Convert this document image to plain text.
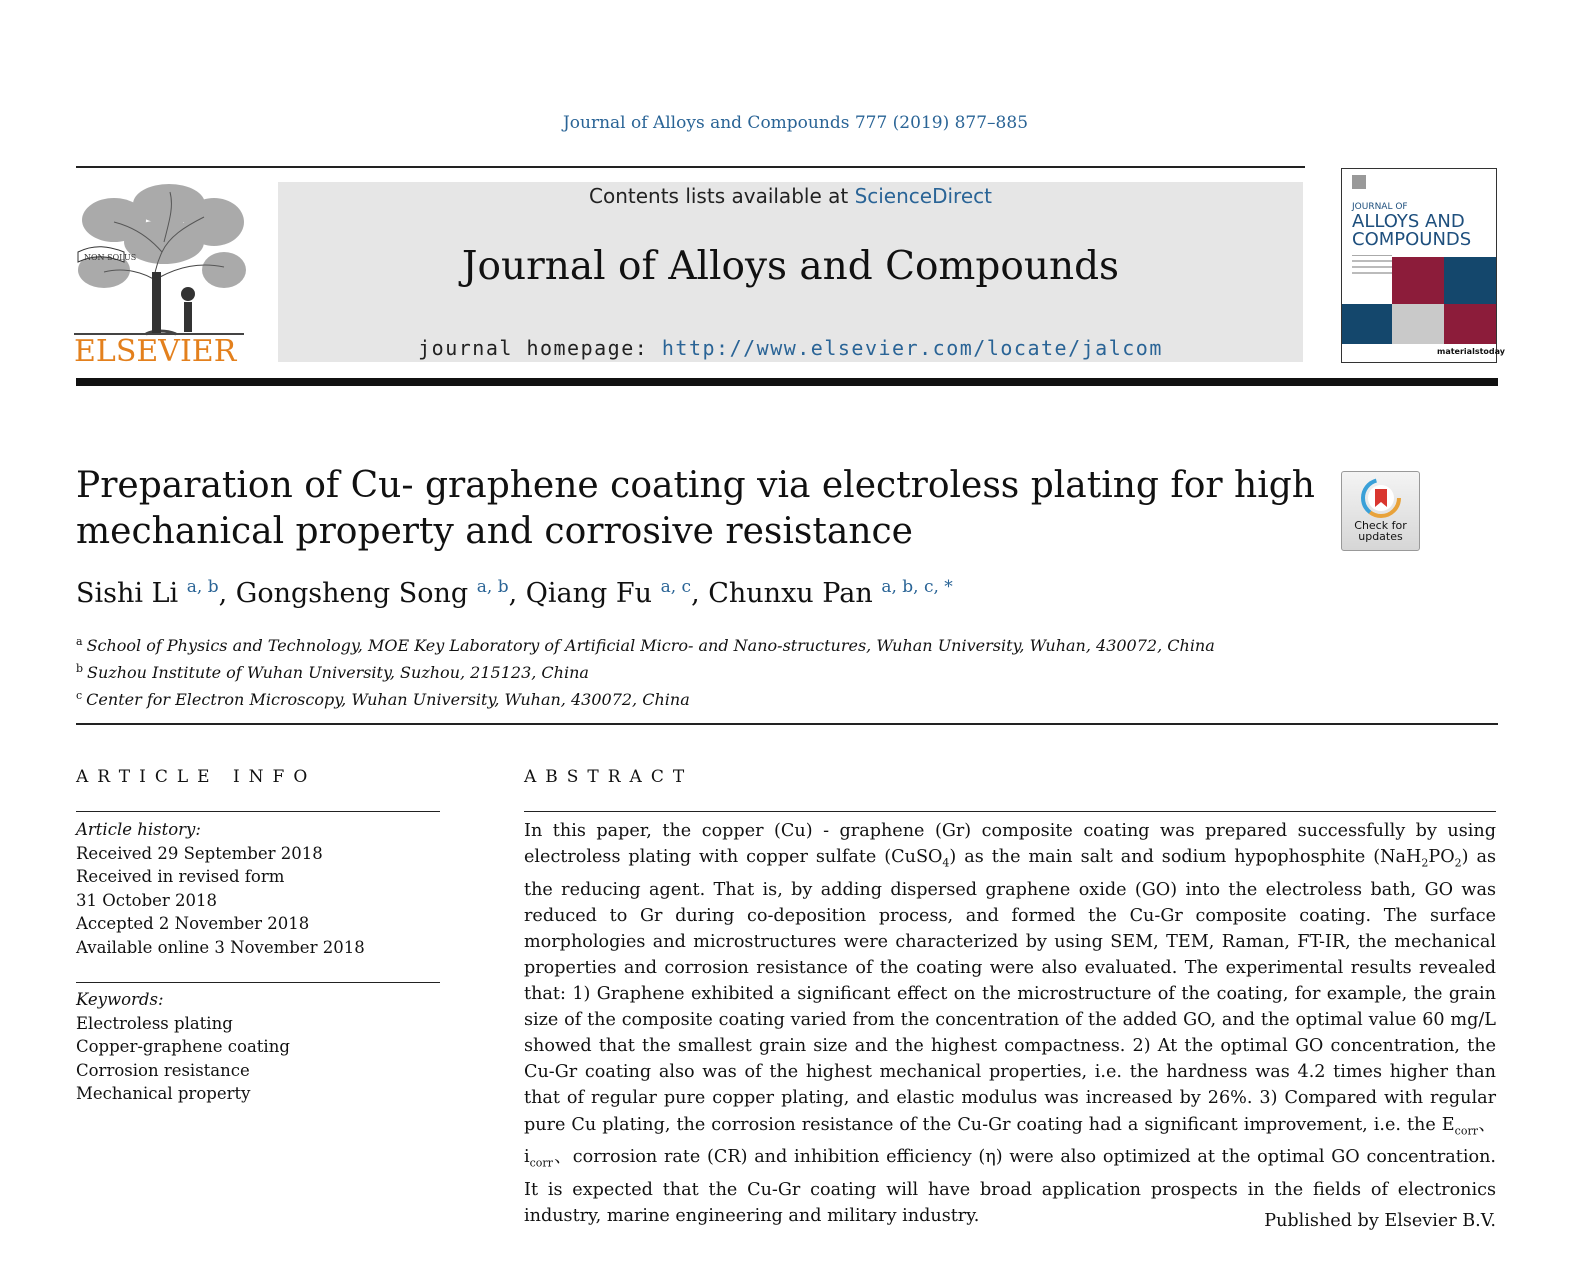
Journal of Alloys and Compounds 777 (2019) 877–885
NON SOLUS
ELSEVIER
Contents lists available at ScienceDirect
Journal of Alloys and Compounds
journal homepage: http://www.elsevier.com/locate/jalcom
JOURNAL OF
ALLOYS AND
COMPOUNDS
materialstoday
Preparation of Cu- graphene coating via electroless plating for high
mechanical property and corrosive resistance	Check for
updates
Sishi Li $^{a, b}$, Gongsheng Song $^{a, b}$, Qiang Fu $^{a, c}$, Chunxu Pan $^{a, b, c, *}$
$^a$ School of Physics and Technology, MOE Key Laboratory of Artificial Micro- and Nano-structures, Wuhan University, Wuhan, 430072, China
$^b$ Suzhou Institute of Wuhan University, Suzhou, 215123, China
$^c$ Center for Electron Microscopy, Wuhan University, Wuhan, 430072, China
ARTICLE INFO
Article history:
Received 29 September 2018
Received in revised form
31 October 2018
Accepted 2 November 2018
Available online 3 November 2018
Keywords:
Electroless plating
Copper-graphene coating
Corrosion resistance
Mechanical property
ABSTRACT
In this paper, the copper (Cu) - graphene (Gr) composite coating was prepared successfully by using electroless plating with copper sulfate (CuSO$_4$) as the main salt and sodium hypophosphite $(NaH_2PO_2)$ as the reducing agent. That is, by adding dispersed graphene oxide (GO) into the electroless bath, GO was reduced to Gr during co-deposition process, and formed the Cu-Gr composite coating. The surface morphologies and microstructures were characterized by using SEM, TEM, Raman, FT-IR, the mechanical properties and corrosion resistance of the coating were also evaluated. The experimental results revealed that: 1) Graphene exhibited a significant effect on the microstructure of the coating, for example, the grain size of the composite coating varied from the concentration of the added GO, and the optimal value 60 mg/L showed that the smallest grain size and the highest compactness. 2) At the optimal GO concentration, the Cu-Gr coating also was of the highest mechanical properties, i.e. the hardness was 4.2 times higher than that of regular pure copper plating, and elastic modulus was increased by 26%. 3) Compared with regular pure Cu plating, the corrosion resistance of the Cu-Gr coating had a significant improvement, i.e. the $E_{corr}$、$i_{corr}$、corrosion rate (CR) and inhibition efficiency (η) were also optimized at the optimal GO concentration. It is expected that the Cu-Gr coating will have broad application prospects in the fields of electronics industry, marine engineering and military industry.	Published by Elsevier B.V.
